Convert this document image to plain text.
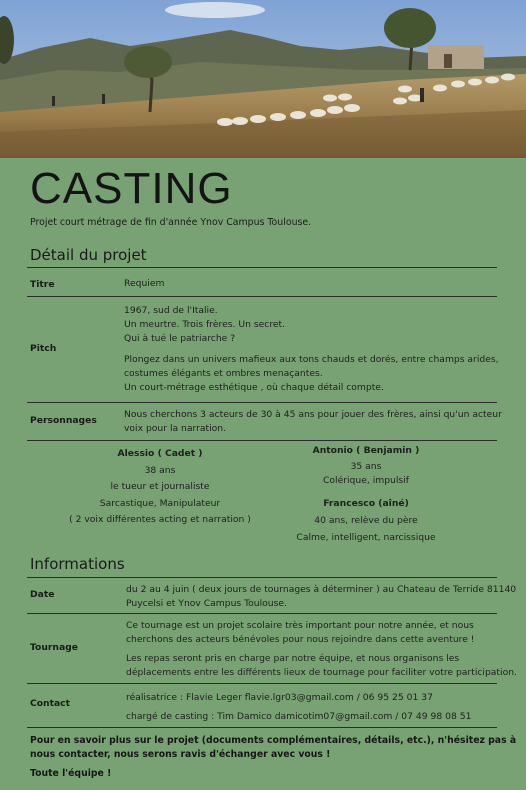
CASTING
Projet court métrage de fin d'année Ynov Campus Toulouse.
Détail du projet
Titre	Requiem
Pitch

1967, sud de l'Italie.

Un meurtre. Trois frères. Un secret.

Qui à tué le patriarche ?

Plongez dans un univers mafieux aux tons chauds et dorés, entre champs arides,

costumes élégants et ombres menaçantes.

Un court-métrage esthétique , où chaque détail compte.

Personnages

Nous cherchons 3 acteurs de 30 à 45 ans pour jouer des frères, ainsi qu'un acteur

voix pour la narration.

Alessio ( Cadet )
38 ans
le tueur et journaliste
Sarcastique, Manipulateur
( 2 voix différentes acting et narration )
Antonio ( Benjamin )
35 ans
Colérique, impulsif
Francesco (aîné)
40 ans, relève du père
Calme, intelligent, narcissique
Informations
Date	du 2 au 4 juin ( deux jours de tournages à déterminer ) au Chateau de Terride 81140

Puycelsi et Ynov Campus Toulouse.

Tournage

Ce tournage est un projet scolaire très important pour notre année, et nous

cherchons des acteurs bénévoles pour nous rejoindre dans cette aventure !

Les repas seront pris en charge par notre équipe, et nous organisons les

déplacements entre les différents lieux de tournage pour faciliter votre participation.

Contact

réalisatrice : Flavie Leger flavie.lgr03@gmail.com / 06 95 25 01 37

chargé de casting : Tim Damico damicotim07@gmail.com / 07 49 98 08 51

Pour en savoir plus sur le projet (documents complémentaires, détails, etc.), n'hésitez pas à

nous contacter, nous serons ravis d'échanger avec vous !

Toute l'équipe !
